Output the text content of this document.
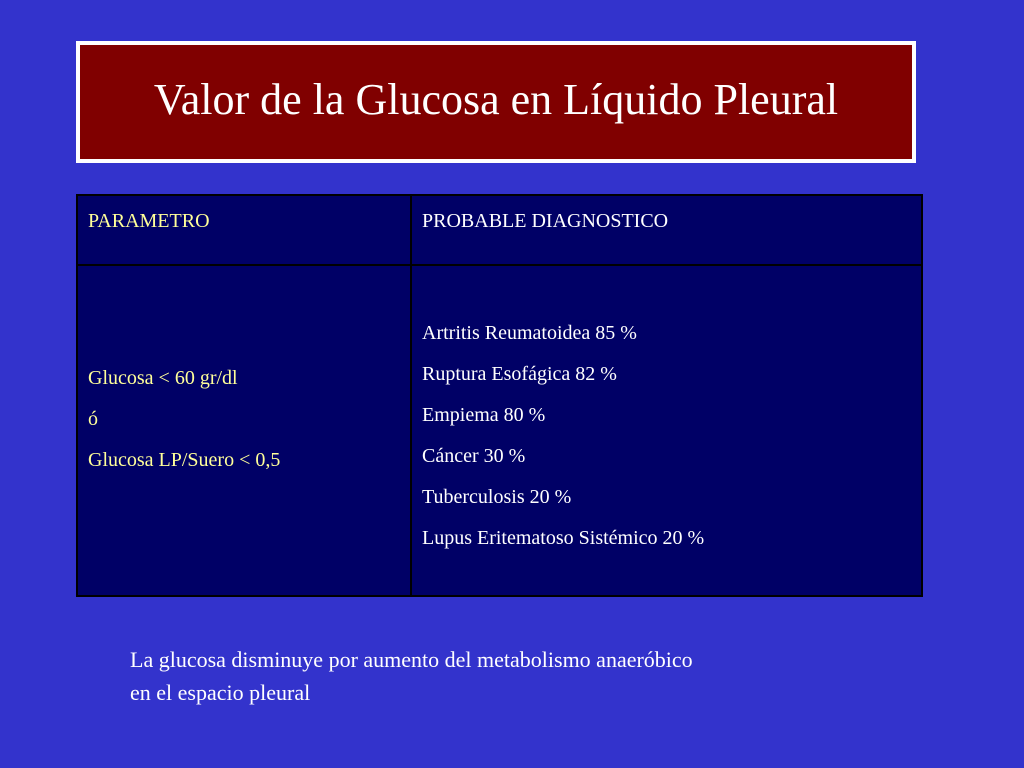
Valor de la Glucosa en Líquido Pleural
PARAMETRO	PROBABLE DIAGNOSTICO
Glucosa < 60 gr/dl
ó
Glucosa LP/Suero < 0,5
Artritis Reumatoidea 85 %
Ruptura Esofágica 82 %
Empiema 80 %
Cáncer 30 %
Tuberculosis 20 %
Lupus Eritematoso Sistémico 20 %
La glucosa disminuye por aumento del metabolismo anaeróbico
en el espacio pleural
